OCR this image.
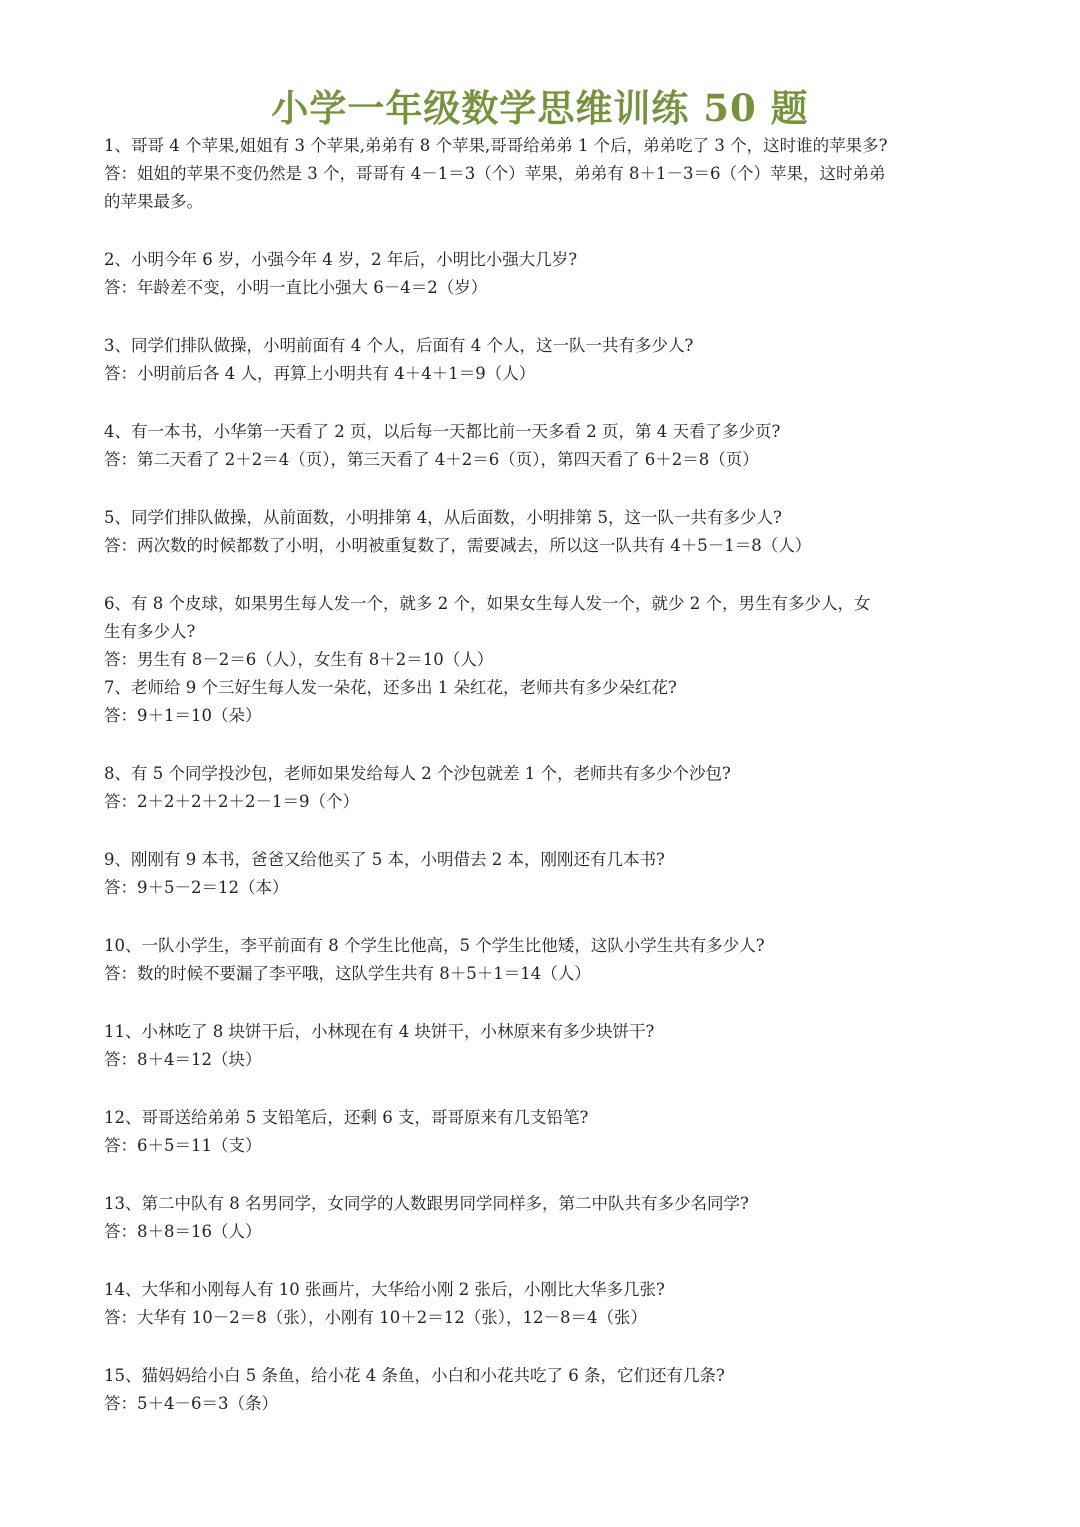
小学一年级数学思维训练 50 题
1、哥哥 4 个苹果,姐姐有 3 个苹果,弟弟有 8 个苹果,哥哥给弟弟 1 个后，弟弟吃了 3 个，这时谁的苹果多?
答：姐姐的苹果不变仍然是 3 个，哥哥有 4－1＝3（个）苹果，弟弟有 8＋1－3＝6（个）苹果，这时弟弟
的苹果最多。
2、小明今年 6 岁，小强今年 4 岁，2 年后，小明比小强大几岁?
答：年龄差不变，小明一直比小强大 6－4＝2（岁）
3、同学们排队做操，小明前面有 4 个人，后面有 4 个人，这一队一共有多少人?
答：小明前后各 4 人，再算上小明共有 4＋4＋1＝9（人）
4、有一本书，小华第一天看了 2 页，以后每一天都比前一天多看 2 页，第 4 天看了多少页?
答：第二天看了 2＋2＝4（页），第三天看了 4＋2＝6（页），第四天看了 6＋2＝8（页）
5、同学们排队做操，从前面数，小明排第 4，从后面数，小明排第 5，这一队一共有多少人?
答：两次数的时候都数了小明，小明被重复数了，需要减去，所以这一队共有 4＋5－1＝8（人）
6、有 8 个皮球，如果男生每人发一个，就多 2 个，如果女生每人发一个，就少 2 个，男生有多少人，女
生有多少人?
答：男生有 8－2＝6（人），女生有 8＋2＝10（人）
7、老师给 9 个三好生每人发一朵花，还多出 1 朵红花，老师共有多少朵红花?
答：9＋1＝10（朵）
8、有 5 个同学投沙包，老师如果发给每人 2 个沙包就差 1 个，老师共有多少个沙包?
答：2＋2＋2＋2＋2－1＝9（个）
9、刚刚有 9 本书，爸爸又给他买了 5 本，小明借去 2 本，刚刚还有几本书?
答：9＋5－2＝12（本）
10、一队小学生，李平前面有 8 个学生比他高，5 个学生比他矮，这队小学生共有多少人?
答：数的时候不要漏了李平哦，这队学生共有 8＋5＋1＝14（人）
11、小林吃了 8 块饼干后，小林现在有 4 块饼干，小林原来有多少块饼干?
答：8＋4＝12（块）
12、哥哥送给弟弟 5 支铅笔后，还剩 6 支，哥哥原来有几支铅笔?
答：6＋5＝11（支）
13、第二中队有 8 名男同学，女同学的人数跟男同学同样多，第二中队共有多少名同学?
答：8＋8＝16（人）
14、大华和小刚每人有 10 张画片，大华给小刚 2 张后，小刚比大华多几张?
答：大华有 10－2＝8（张），小刚有 10＋2＝12（张），12－8＝4（张）
15、猫妈妈给小白 5 条鱼，给小花 4 条鱼，小白和小花共吃了 6 条，它们还有几条?
答：5＋4－6＝3（条）
